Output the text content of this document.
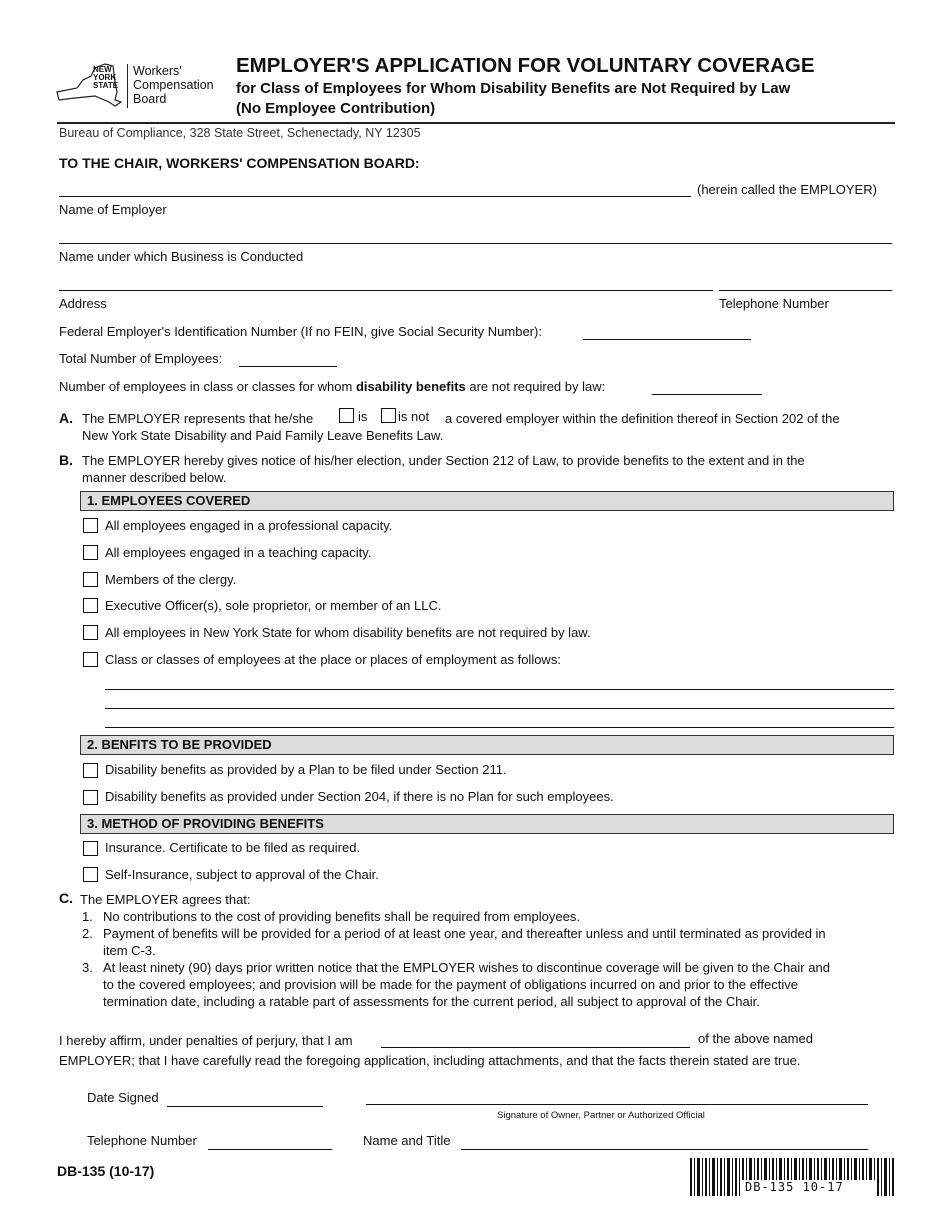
NEW
YORK
STATE
Workers'
Compensation
Board
EMPLOYER'S APPLICATION FOR VOLUNTARY COVERAGE
for Class of Employees for Whom Disability Benefits are Not Required by Law
(No Employee Contribution)
Bureau of Compliance, 328 State Street, Schenectady, NY 12305
TO THE CHAIR, WORKERS' COMPENSATION BOARD:
(herein called the EMPLOYER)
Name of Employer
Name under which Business is Conducted
Address	Telephone Number
Federal Employer's Identification Number (If no FEIN, give Social Security Number):
Total Number of Employees:
Number of employees in class or classes for whom disability benefits are not required by law:
A. The EMPLOYER represents that he/she	is is not a covered employer within the definition thereof in Section 202 of the
New York State Disability and Paid Family Leave Benefits Law.
B. The EMPLOYER hereby gives notice of his/her election, under Section 212 of Law, to provide benefits to the extent and in the
manner described below.
1. EMPLOYEES COVERED
All employees engaged in a professional capacity.
All employees engaged in a teaching capacity.
Members of the clergy.
Executive Officer(s), sole proprietor, or member of an LLC.
All employees in New York State for whom disability benefits are not required by law.
Class or classes of employees at the place or places of employment as follows:
2. BENFITS TO BE PROVIDED
Disability benefits as provided by a Plan to be filed under Section 211.
Disability benefits as provided under Section 204, if there is no Plan for such employees.
3. METHOD OF PROVIDING BENEFITS
Insurance. Certificate to be filed as required.
Self-Insurance, subject to approval of the Chair.
C. The EMPLOYER agrees that:
1. No contributions to the cost of providing benefits shall be required from employees.
2. Payment of benefits will be provided for a period of at least one year, and thereafter unless and until terminated as provided in
item C-3.
3. At least ninety (90) days prior written notice that the EMPLOYER wishes to discontinue coverage will be given to the Chair and
to the covered employees; and provision will be made for the payment of obligations incurred on and prior to the effective
termination date, including a ratable part of assessments for the current period, all subject to approval of the Chair.
I hereby affirm, under penalties of perjury, that I am	of the above named
EMPLOYER; that I have carefully read the foregoing application, including attachments, and that the facts therein stated are true.
Date Signed
Signature of Owner, Partner or Authorized Official
Telephone Number	Name and Title
DB-135 (10-17)
DB-135 10-17
